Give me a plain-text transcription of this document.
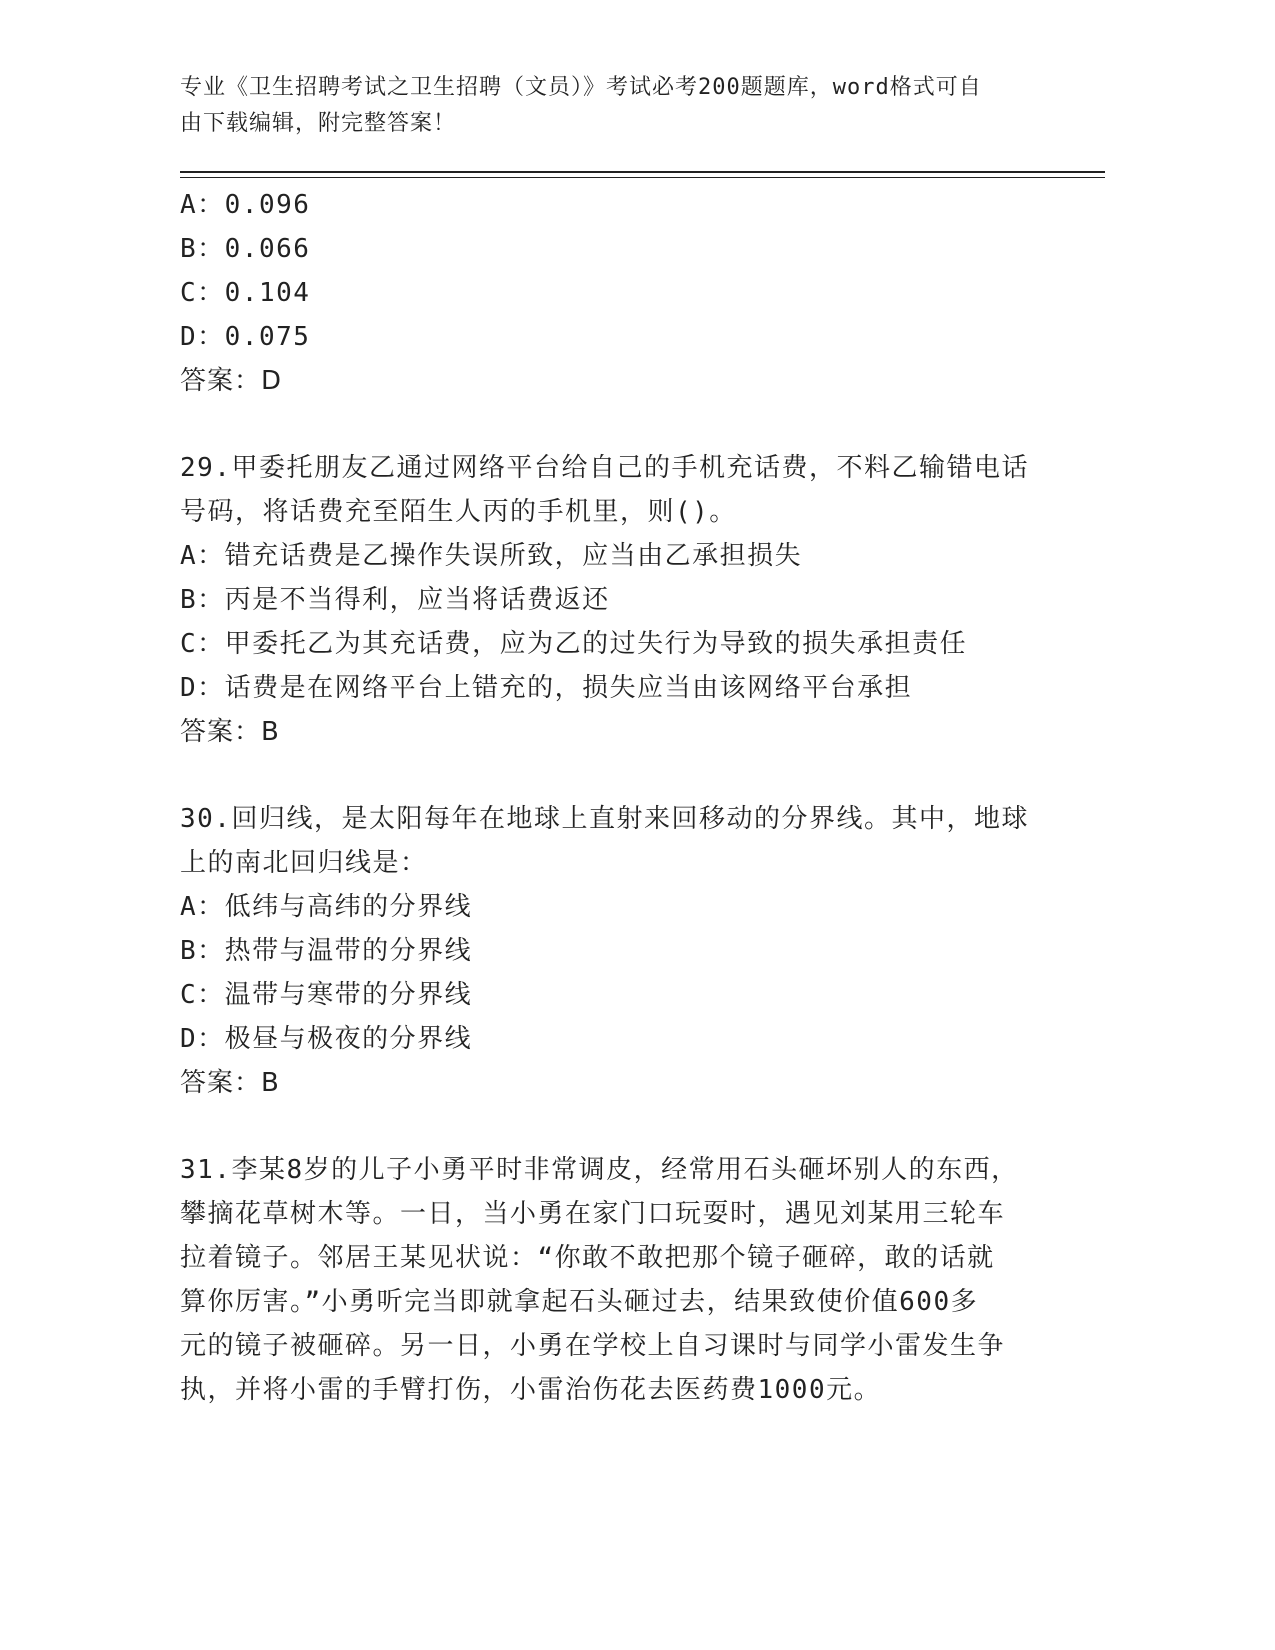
专业《卫生招聘考试之卫生招聘（文员）》考试必考200题题库，word格式可自
由下载编辑，附完整答案！
A：0.096
B：0.066
C：0.104
D：0.075
答案：D
29.甲委托朋友乙通过网络平台给自己的手机充话费，不料乙输错电话
号码，将话费充至陌生人丙的手机里，则()。
A：错充话费是乙操作失误所致，应当由乙承担损失
B：丙是不当得利，应当将话费返还
C：甲委托乙为其充话费，应为乙的过失行为导致的损失承担责任
D：话费是在网络平台上错充的，损失应当由该网络平台承担
答案：B
30.回归线，是太阳每年在地球上直射来回移动的分界线。其中，地球
上的南北回归线是：
A：低纬与高纬的分界线
B：热带与温带的分界线
C：温带与寒带的分界线
D：极昼与极夜的分界线
答案：B
31.李某8岁的儿子小勇平时非常调皮，经常用石头砸坏别人的东西，
攀摘花草树木等。一日，当小勇在家门口玩耍时，遇见刘某用三轮车
拉着镜子。邻居王某见状说：“你敢不敢把那个镜子砸碎，敢的话就
算你厉害。”小勇听完当即就拿起石头砸过去，结果致使价值600多
元的镜子被砸碎。另一日，小勇在学校上自习课时与同学小雷发生争
执，并将小雷的手臂打伤，小雷治伤花去医药费1000元。
